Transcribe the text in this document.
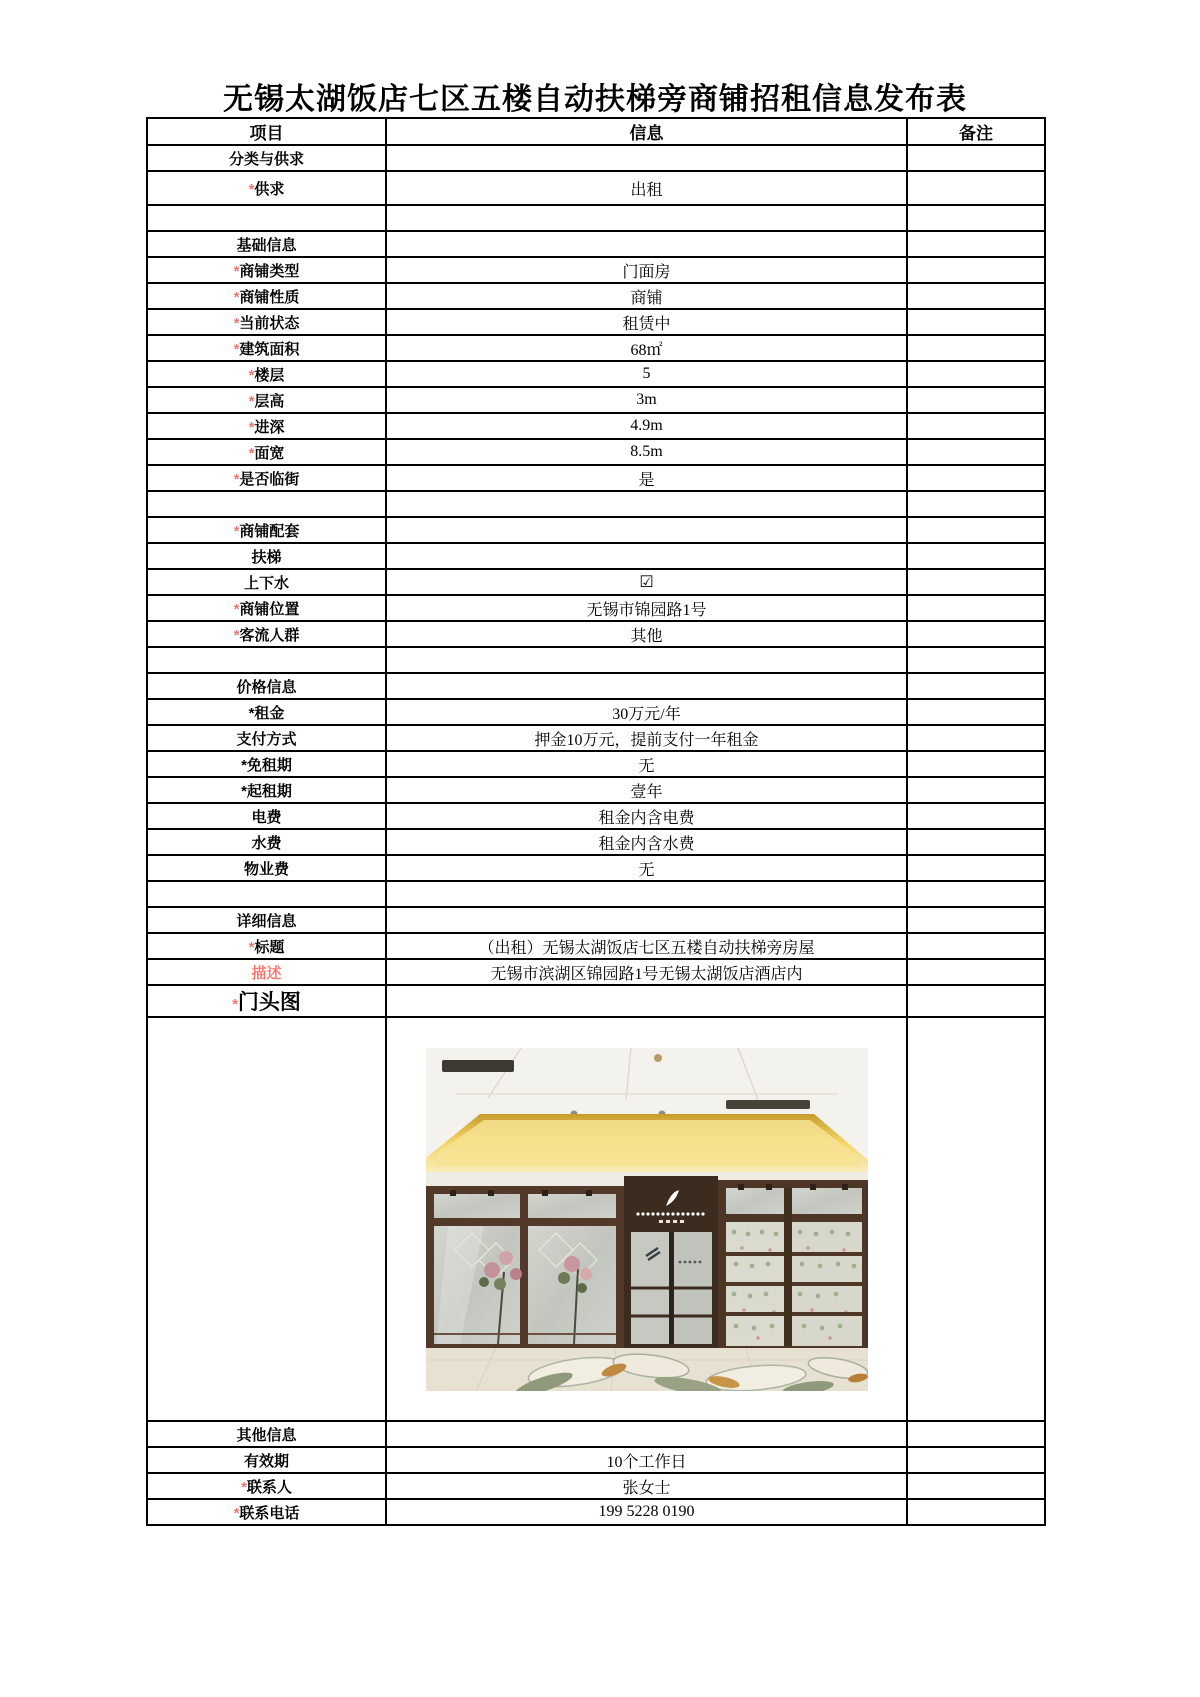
无锡太湖饭店七区五楼自动扶梯旁商铺招租信息发布表
项目	信息	备注
分类与供求		
*供求	出租	

基础信息		
*商铺类型	门面房	
*商铺性质	商铺	
*当前状态	租赁中	
*建筑面积	68㎡	
*楼层	5	
*层高	3m	
*进深	4.9m	
*面宽	8.5m	
*是否临街	是	

*商铺配套		
扶梯		
上下水	☑	
*商铺位置	无锡市锦园路1号	
*客流人群	其他	

价格信息		
*租金	30万元/年	
支付方式	押金10万元，提前支付一年租金	
*免租期	无	
*起租期	壹年	
电费	租金内含电费	
水费	租金内含水费	
物业费	无	

详细信息		
*标题	（出租）无锡太湖饭店七区五楼自动扶梯旁房屋	
描述	无锡市滨湖区锦园路1号无锡太湖饭店酒店内	
*门头图		

其他信息		
有效期	10个工作日	
*联系人	张女士	
*联系电话	199 5228 0190	
